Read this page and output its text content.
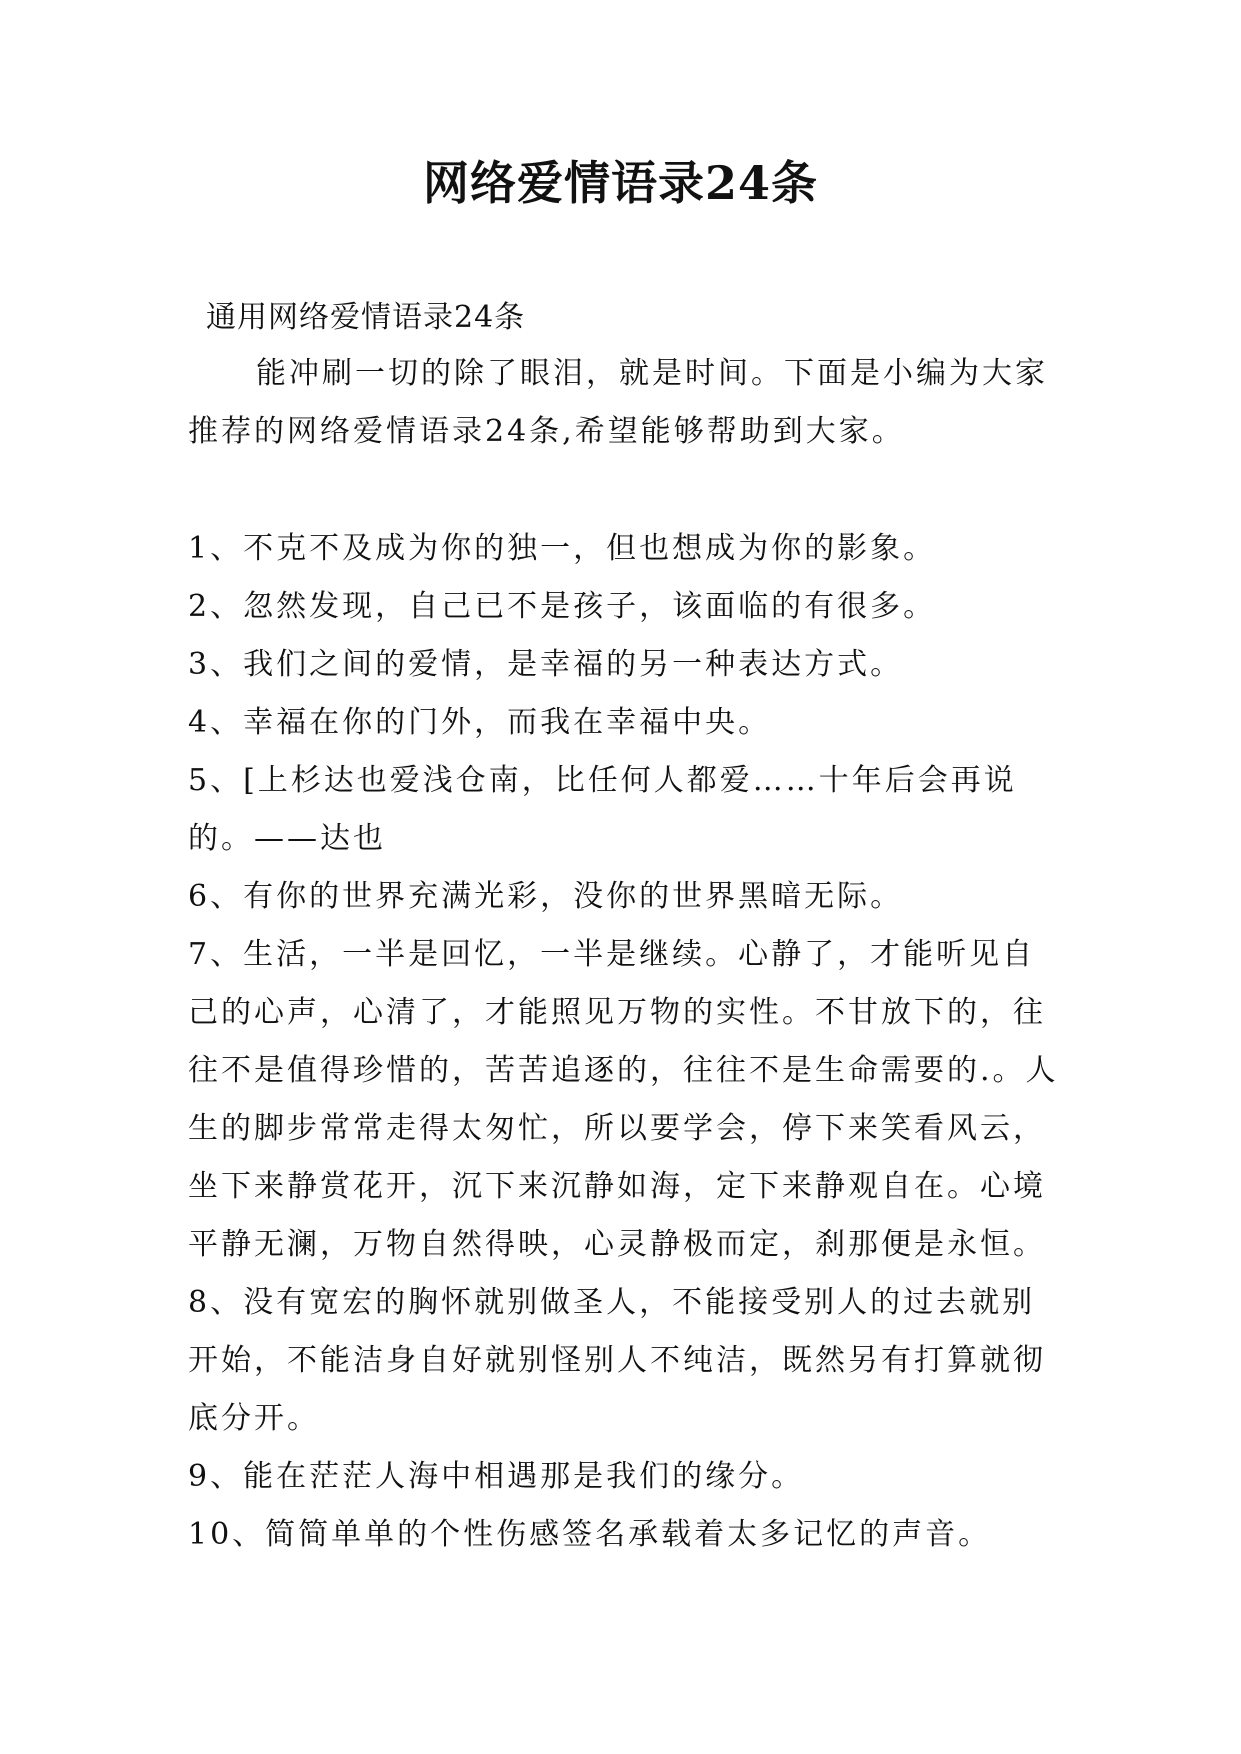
网络爱情语录24条
通用网络爱情语录24条

能冲刷一切的除了眼泪，就是时间。下面是小编为大家推荐的网络爱情语录24条,希望能够帮助到大家。

1、不克不及成为你的独一，但也想成为你的影象。

2、忽然发现，自己已不是孩子，该面临的有很多。

3、我们之间的爱情，是幸福的另一种表达方式。

4、幸福在你的门外，而我在幸福中央。

5、[上杉达也爱浅仓南，比任何人都爱……十年后会再说的。——达也

6、有你的世界充满光彩，没你的世界黑暗无际。

7、生活，一半是回忆，一半是继续。心静了，才能听见自己的心声，心清了，才能照见万物的实性。不甘放下的，往往不是值得珍惜的，苦苦追逐的，往往不是生命需要的.。人生的脚步常常走得太匆忙，所以要学会，停下来笑看风云，坐下来静赏花开，沉下来沉静如海，定下来静观自在。心境平静无澜，万物自然得映，心灵静极而定，刹那便是永恒。

8、没有宽宏的胸怀就别做圣人，不能接受别人的过去就别开始，不能洁身自好就别怪别人不纯洁，既然另有打算就彻底分开。

9、能在茫茫人海中相遇那是我们的缘分。

10、简简单单的个性伤感签名承载着太多记忆的声音。
